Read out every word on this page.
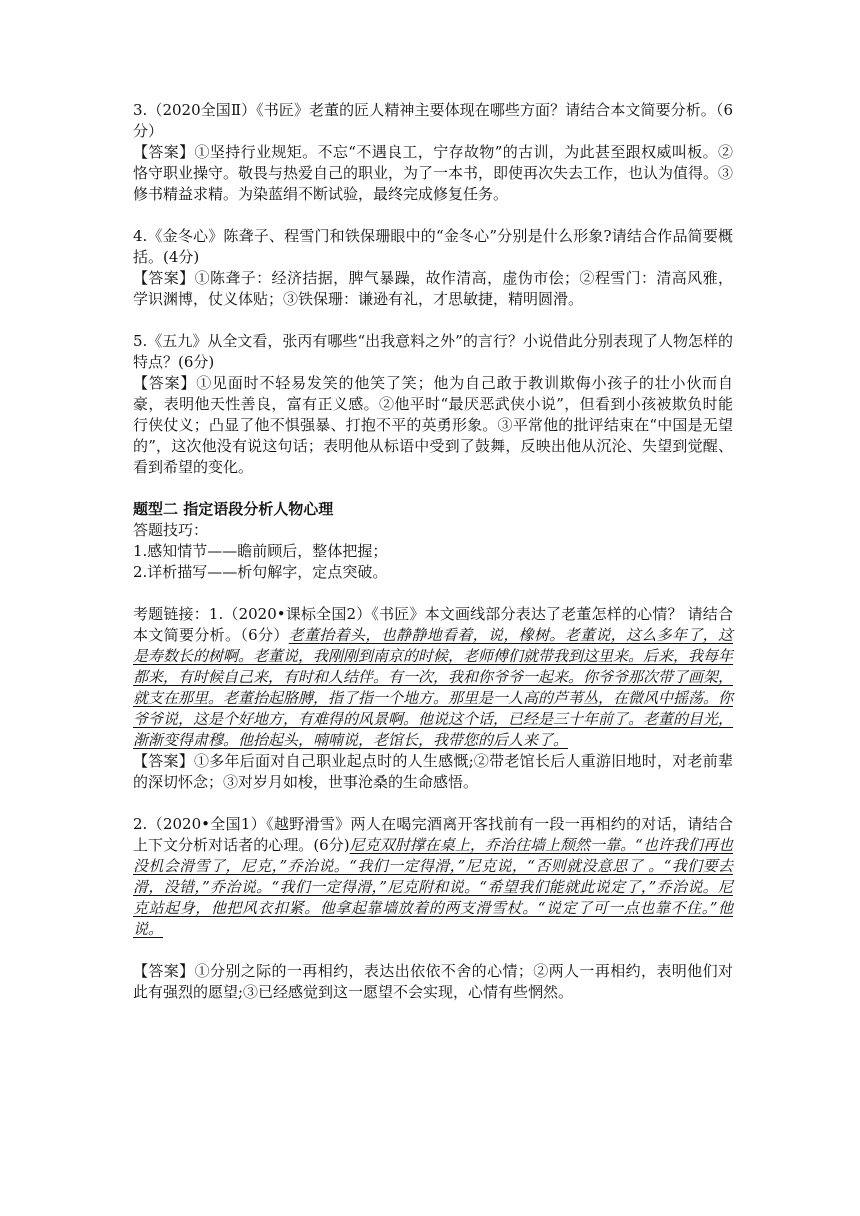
3.（2020全国Ⅱ）《书匠》老董的匠人精神主要体现在哪些方面？请结合本文简要分析。（6分）

【答案】①坚持行业规矩。不忘“不遇良工，宁存故物”的古训，为此甚至跟权威叫板。②恪守职业操守。敬畏与热爱自己的职业，为了一本书，即使再次失去工作，也认为值得。③修书精益求精。为染蓝绢不断试验，最终完成修复任务。

4.《金冬心》陈聋子、程雪门和铁保珊眼中的“金冬心”分别是什么形象?请结合作品简要概括。(4分)

【答案】①陈聋子：经济拮据，脾气暴躁，故作清高，虚伪市侩；②程雪门：清高风雅，学识渊博，仗义体贴；③铁保珊：谦逊有礼，才思敏捷，精明圆滑。

5.《五九》从全文看，张丙有哪些“出我意料之外”的言行？小说借此分别表现了人物怎样的特点？(6分)

【答案】①见面时不轻易发笑的他笑了笑；他为自己敢于教训欺侮小孩子的壮小伙而自豪，表明他天性善良，富有正义感。②他平时“最厌恶武侠小说”，但看到小孩被欺负时能行侠仗义；凸显了他不惧强暴、打抱不平的英勇形象。③平常他的批评结束在“中国是无望的”，这次他没有说这句话；表明他从标语中受到了鼓舞，反映出他从沉沦、失望到觉醒、看到希望的变化。

题型二 指定语段分析人物心理

答题技巧：

1.感知情节——瞻前顾后，整体把握；

2.详析描写——析句解字，定点突破。

考题链接：1.（2020•课标全国2）《书匠》本文画线部分表达了老董怎样的心情？ 请结合本文简要分析。（6分）老董抬着头，也静静地看着，说，橡树。老董说，这么多年了，这是寿数长的树啊。老董说，我刚刚到南京的时候，老师傅们就带我到这里来。后来，我每年都来，有时候自己来，有时和人结伴。有一次，我和你爷爷一起来。你爷爷那次带了画架，就支在那里。老董抬起胳膊，指了指一个地方。那里是一人高的芦苇丛，在微风中摇荡。你爷爷说，这是个好地方，有难得的风景啊。他说这个话，已经是三十年前了。老董的目光，渐渐变得肃穆。他抬起头，喃喃说，老馆长，我带您的后人来了。

【答案】①多年后面对自己职业起点时的人生感慨;②带老馆长后人重游旧地时，对老前辈的深切怀念；③对岁月如梭，世事沧桑的生命感悟。

2.（2020•全国1）《越野滑雪》两人在喝完酒离开客找前有一段一再相约的对话，请结合上下文分析对话者的心理。(6分)尼克双肘撑在桌上，乔治往墙上颓然一靠。“也许我们再也没机会滑雪了，尼克，”乔治说。“我们一定得滑，”尼克说，“否则就没意思了 。“我们要去滑，没错，”乔治说。“我们一定得滑，”尼克附和说。“希望我们能就此说定了，”乔治说。尼克站起身，他把风衣扣紧。他拿起靠墙放着的两支滑雪杖。“说定了可一点也靠不住。”他说。

【答案】①分别之际的一再相约，表达出依依不舍的心情；②两人一再相约，表明他们对此有强烈的愿望;③已经感觉到这一愿望不会实现，心情有些惘然。
